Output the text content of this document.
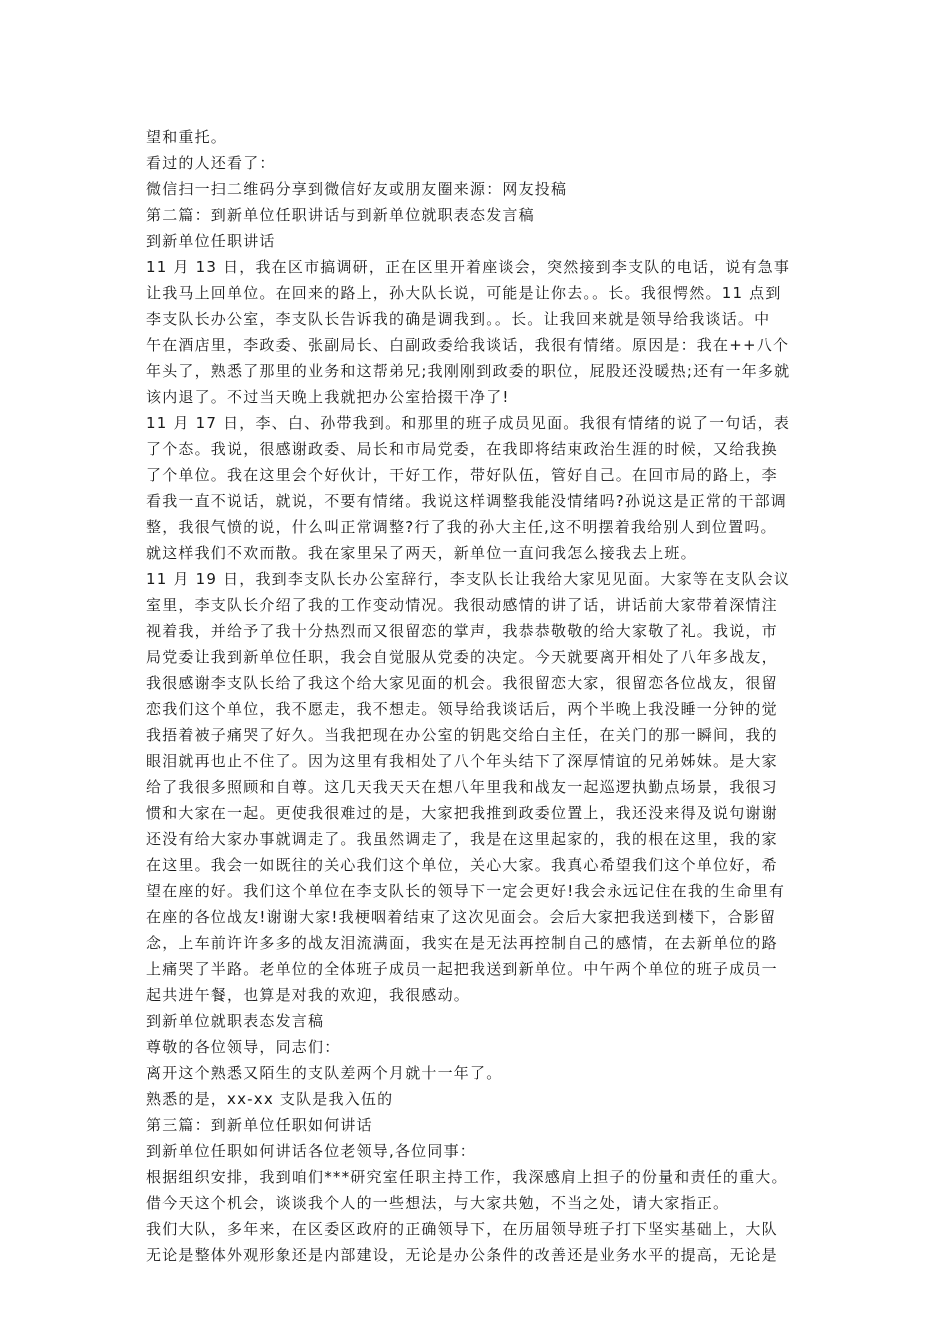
望和重托。
看过的人还看了：
微信扫一扫二维码分享到微信好友或朋友圈来源：网友投稿
第二篇：到新单位任职讲话与到新单位就职表态发言稿
到新单位任职讲话
11 月 13 日，我在区市搞调研，正在区里开着座谈会，突然接到李支队的电话，说有急事
让我马上回单位。在回来的路上，孙大队长说，可能是让你去。。长。我很愕然。11 点到
李支队长办公室，李支队长告诉我的确是调我到。。长。让我回来就是领导给我谈话。中
午在酒店里，李政委、张副局长、白副政委给我谈话，我很有情绪。原因是：我在++八个
年头了，熟悉了那里的业务和这帮弟兄;我刚刚到政委的职位，屁股还没暖热;还有一年多就
该内退了。不过当天晚上我就把办公室拾掇干净了!
11 月 17 日，李、白、孙带我到。和那里的班子成员见面。我很有情绪的说了一句话，表
了个态。我说，很感谢政委、局长和市局党委，在我即将结束政治生涯的时候，又给我换
了个单位。我在这里会个好伙计，干好工作，带好队伍，管好自己。在回市局的路上，李
看我一直不说话，就说，不要有情绪。我说这样调整我能没情绪吗?孙说这是正常的干部调
整，我很气愤的说，什么叫正常调整?行了我的孙大主任,这不明摆着我给别人到位置吗。
就这样我们不欢而散。我在家里呆了两天，新单位一直问我怎么接我去上班。
11 月 19 日，我到李支队长办公室辞行，李支队长让我给大家见见面。大家等在支队会议
室里，李支队长介绍了我的工作变动情况。我很动感情的讲了话，讲话前大家带着深情注
视着我，并给予了我十分热烈而又很留恋的掌声，我恭恭敬敬的给大家敬了礼。我说，市
局党委让我到新单位任职，我会自觉服从党委的决定。今天就要离开相处了八年多战友，
我很感谢李支队长给了我这个给大家见面的机会。我很留恋大家，很留恋各位战友，很留
恋我们这个单位，我不愿走，我不想走。领导给我谈话后，两个半晚上我没睡一分钟的觉
我捂着被子痛哭了好久。当我把现在办公室的钥匙交给白主任，在关门的那一瞬间，我的
眼泪就再也止不住了。因为这里有我相处了八个年头结下了深厚情谊的兄弟姊妹。是大家
给了我很多照顾和自尊。这几天我天天在想八年里我和战友一起巡逻执勤点场景，我很习
惯和大家在一起。更使我很难过的是，大家把我推到政委位置上，我还没来得及说句谢谢
还没有给大家办事就调走了。我虽然调走了，我是在这里起家的，我的根在这里，我的家
在这里。我会一如既往的关心我们这个单位，关心大家。我真心希望我们这个单位好，希
望在座的好。我们这个单位在李支队长的领导下一定会更好!我会永远记住在我的生命里有
在座的各位战友!谢谢大家!我梗咽着结束了这次见面会。会后大家把我送到楼下，合影留
念，上车前许许多多的战友泪流满面，我实在是无法再控制自己的感情，在去新单位的路
上痛哭了半路。老单位的全体班子成员一起把我送到新单位。中午两个单位的班子成员一
起共进午餐，也算是对我的欢迎，我很感动。
到新单位就职表态发言稿
尊敬的各位领导，同志们：
离开这个熟悉又陌生的支队差两个月就十一年了。
熟悉的是，xx-xx 支队是我入伍的
第三篇：到新单位任职如何讲话
到新单位任职如何讲话各位老领导,各位同事：
根据组织安排，我到咱们***研究室任职主持工作，我深感肩上担子的份量和责任的重大。
借今天这个机会，谈谈我个人的一些想法，与大家共勉，不当之处，请大家指正。
我们大队，多年来，在区委区政府的正确领导下，在历届领导班子打下坚实基础上，大队
无论是整体外观形象还是内部建设，无论是办公条件的改善还是业务水平的提高，无论是
